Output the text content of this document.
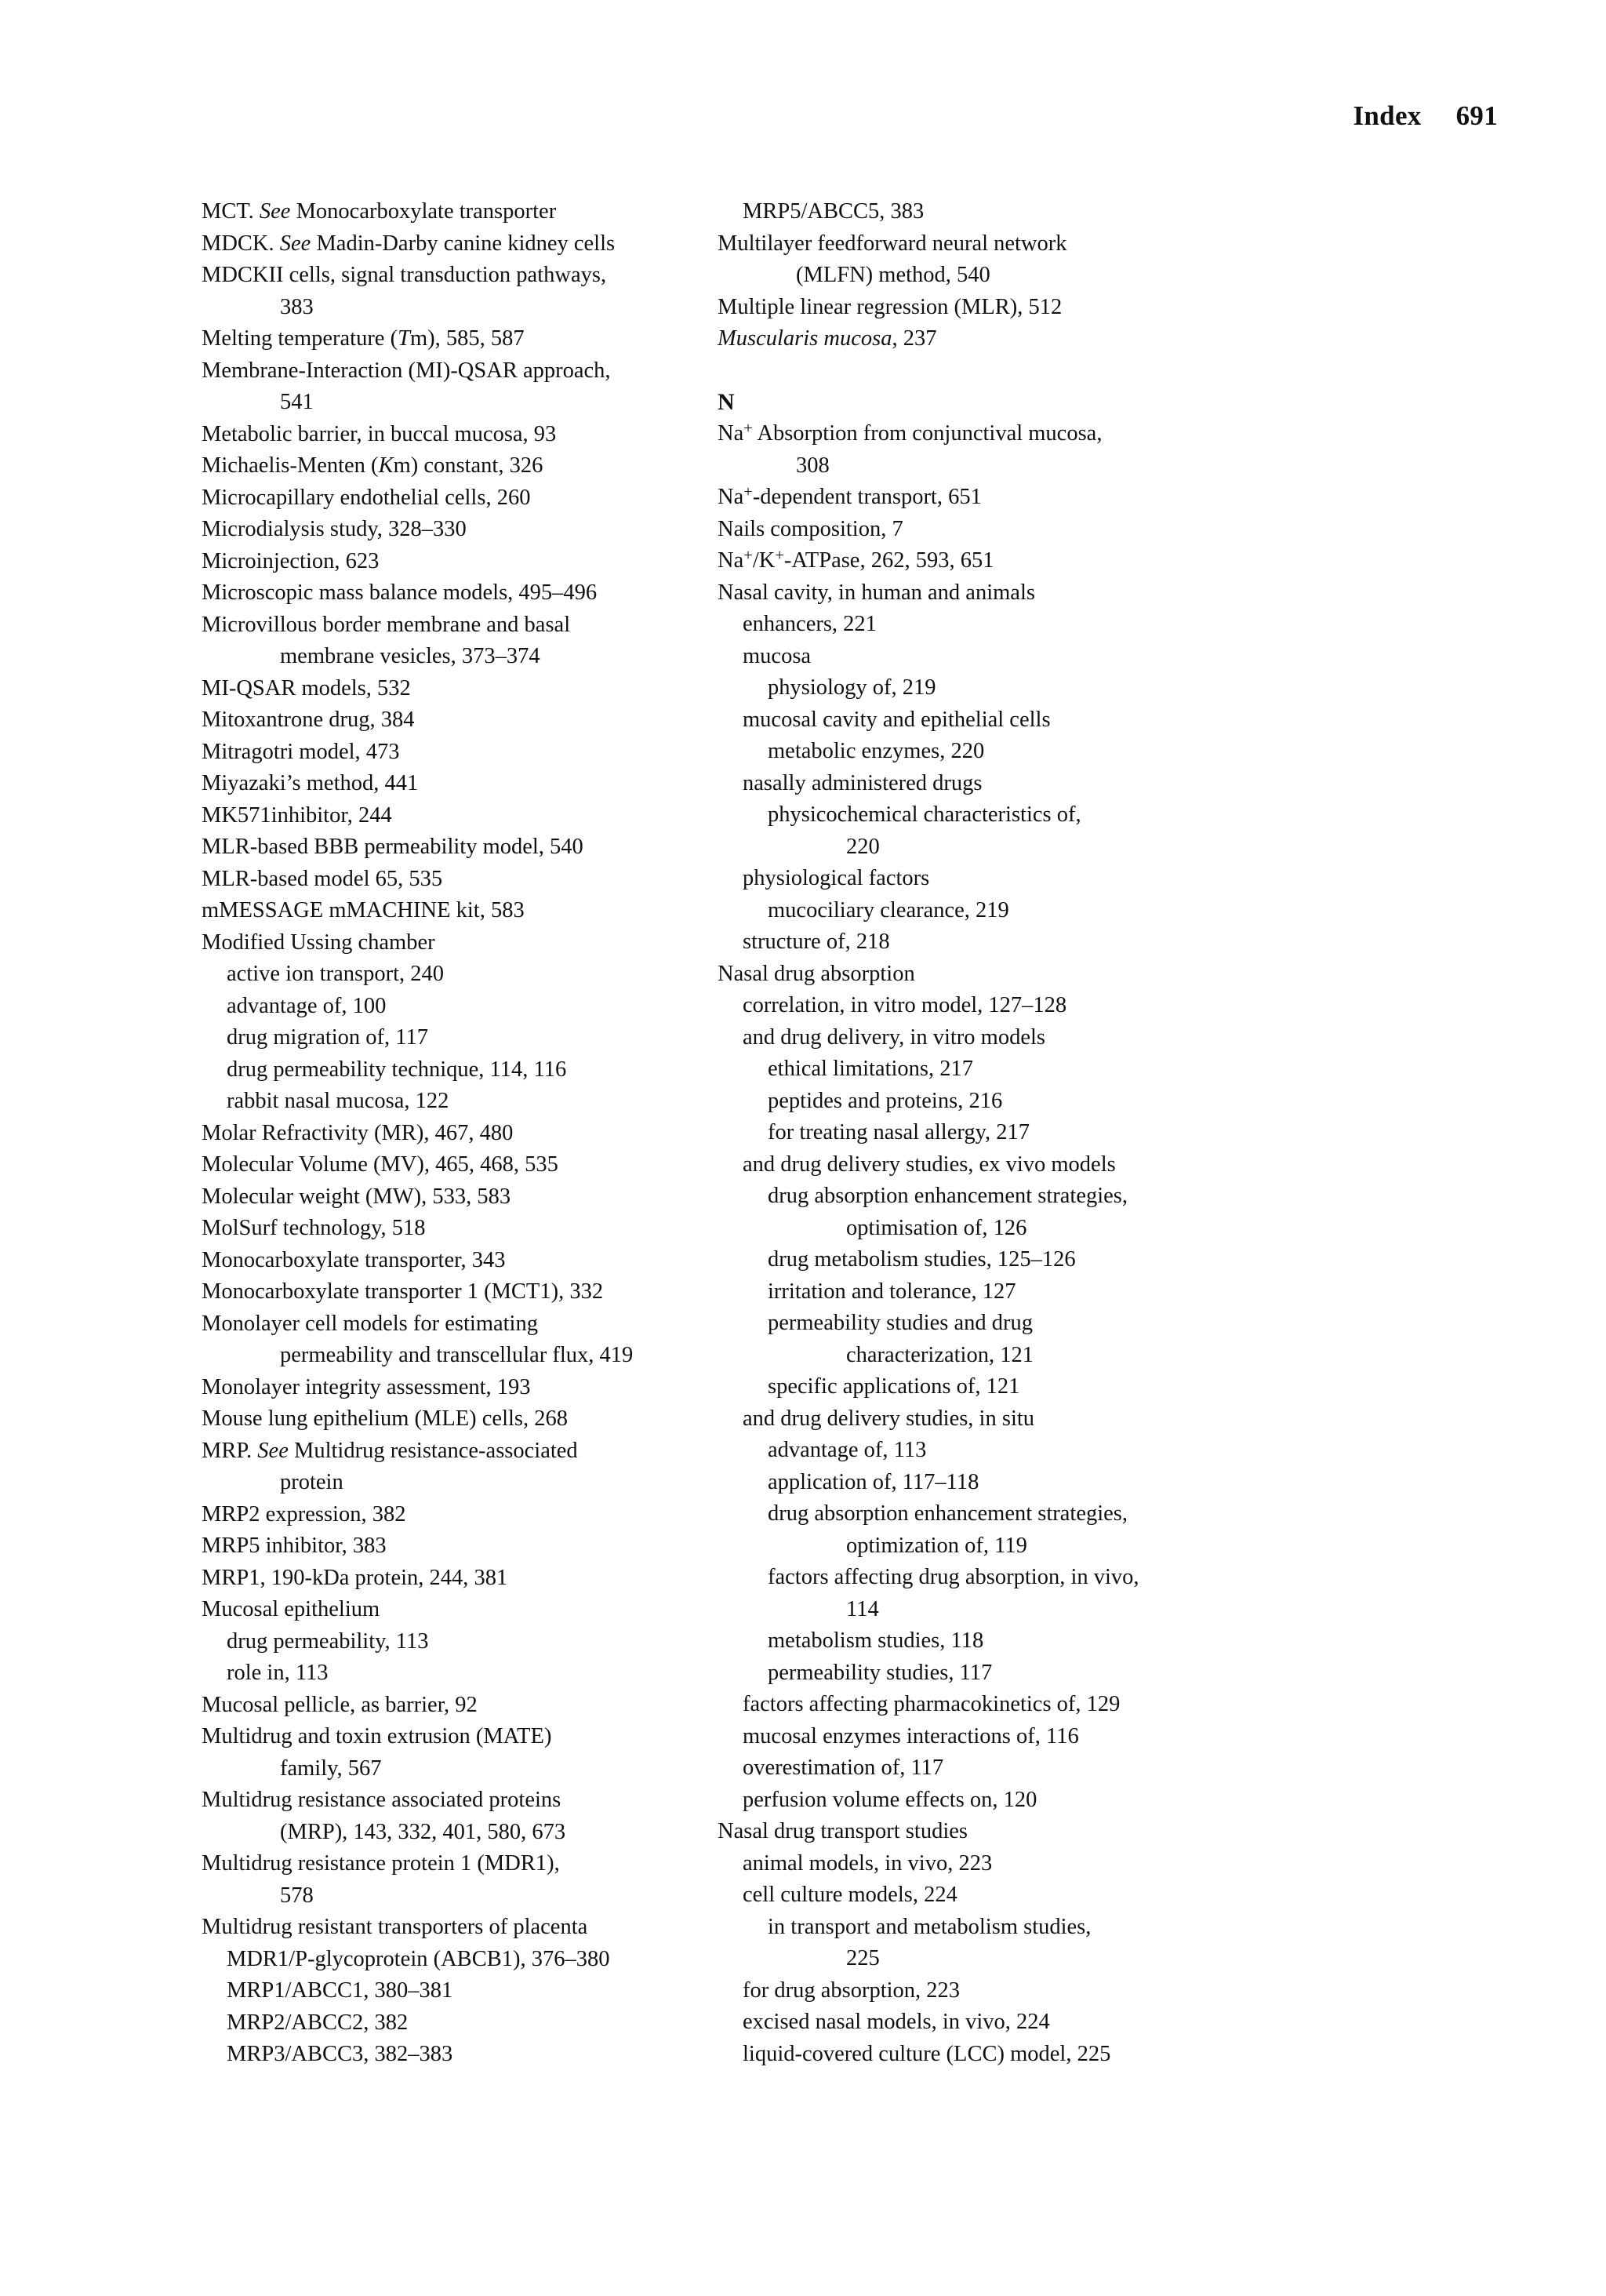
Index 691
MCT. See Monocarboxylate transporter
MDCK. See Madin-Darby canine kidney cells
MDCKII cells, signal transduction pathways,
383
Melting temperature (Tm), 585, 587
Membrane-Interaction (MI)-QSAR approach,
541
Metabolic barrier, in buccal mucosa, 93
Michaelis-Menten (Km) constant, 326
Microcapillary endothelial cells, 260
Microdialysis study, 328–330
Microinjection, 623
Microscopic mass balance models, 495–496
Microvillous border membrane and basal
membrane vesicles, 373–374
MI-QSAR models, 532
Mitoxantrone drug, 384
Mitragotri model, 473
Miyazaki’s method, 441
MK571inhibitor, 244
MLR-based BBB permeability model, 540
MLR-based model 65, 535
mMESSAGE mMACHINE kit, 583
Modified Ussing chamber
active ion transport, 240
advantage of, 100
drug migration of, 117
drug permeability technique, 114, 116
rabbit nasal mucosa, 122
Molar Refractivity (MR), 467, 480
Molecular Volume (MV), 465, 468, 535
Molecular weight (MW), 533, 583
MolSurf technology, 518
Monocarboxylate transporter, 343
Monocarboxylate transporter 1 (MCT1), 332
Monolayer cell models for estimating
permeability and transcellular flux, 419
Monolayer integrity assessment, 193
Mouse lung epithelium (MLE) cells, 268
MRP. See Multidrug resistance-associated
protein
MRP2 expression, 382
MRP5 inhibitor, 383
MRP1, 190-kDa protein, 244, 381
Mucosal epithelium
drug permeability, 113
role in, 113
Mucosal pellicle, as barrier, 92
Multidrug and toxin extrusion (MATE)
family, 567
Multidrug resistance associated proteins
(MRP), 143, 332, 401, 580, 673
Multidrug resistance protein 1 (MDR1),
578
Multidrug resistant transporters of placenta
MDR1/P-glycoprotein (ABCB1), 376–380
MRP1/ABCC1, 380–381
MRP2/ABCC2, 382
MRP3/ABCC3, 382–383
MRP5/ABCC5, 383
Multilayer feedforward neural network
(MLFN) method, 540
Multiple linear regression (MLR), 512
Muscularis mucosa, 237
N
Na+ Absorption from conjunctival mucosa,
308
Na+-dependent transport, 651
Nails composition, 7
Na+/K+-ATPase, 262, 593, 651
Nasal cavity, in human and animals
enhancers, 221
mucosa
physiology of, 219
mucosal cavity and epithelial cells
metabolic enzymes, 220
nasally administered drugs
physicochemical characteristics of,
220
physiological factors
mucociliary clearance, 219
structure of, 218
Nasal drug absorption
correlation, in vitro model, 127–128
and drug delivery, in vitro models
ethical limitations, 217
peptides and proteins, 216
for treating nasal allergy, 217
and drug delivery studies, ex vivo models
drug absorption enhancement strategies,
optimisation of, 126
drug metabolism studies, 125–126
irritation and tolerance, 127
permeability studies and drug
characterization, 121
specific applications of, 121
and drug delivery studies, in situ
advantage of, 113
application of, 117–118
drug absorption enhancement strategies,
optimization of, 119
factors affecting drug absorption, in vivo,
114
metabolism studies, 118
permeability studies, 117
factors affecting pharmacokinetics of, 129
mucosal enzymes interactions of, 116
overestimation of, 117
perfusion volume effects on, 120
Nasal drug transport studies
animal models, in vivo, 223
cell culture models, 224
in transport and metabolism studies,
225
for drug absorption, 223
excised nasal models, in vivo, 224
liquid-covered culture (LCC) model, 225
